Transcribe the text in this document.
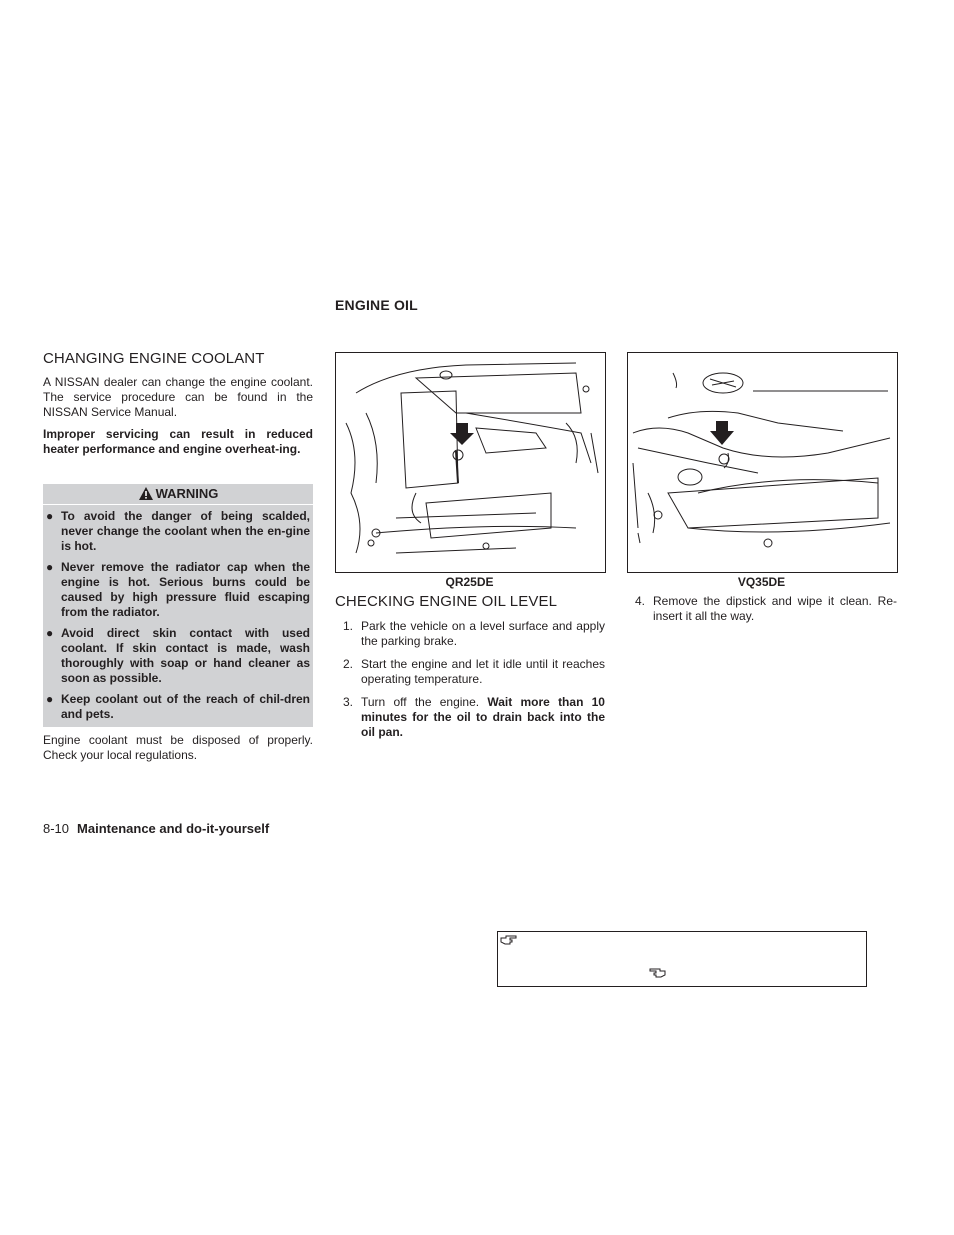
ENGINE OIL
CHANGING ENGINE COOLANT
A NISSAN dealer can change the engine coolant. The service procedure can be found in the NISSAN Service Manual.
Improper servicing can result in reduced heater performance and engine overheat-ing.
WARNING
● To avoid the danger of being scalded, never change the coolant when the en-gine is hot.
● Never remove the radiator cap when the engine is hot. Serious burns could be caused by high pressure fluid escaping from the radiator.
● Avoid direct skin contact with used coolant. If skin contact is made, wash thoroughly with soap or hand cleaner as soon as possible.
● Keep coolant out of the reach of chil-dren and pets.
Engine coolant must be disposed of properly. Check your local regulations.
QR25DE	VQ35DE
CHECKING ENGINE OIL LEVEL
1. Park the vehicle on a level surface and apply the parking brake.
2. Start the engine and let it idle until it reaches operating temperature.
3. Turn off the engine. Wait more than 10 minutes for the oil to drain back into the oil pan.
4. Remove the dipstick and wipe it clean. Re-insert it all the way.
8-10 Maintenance and do-it-yourself
